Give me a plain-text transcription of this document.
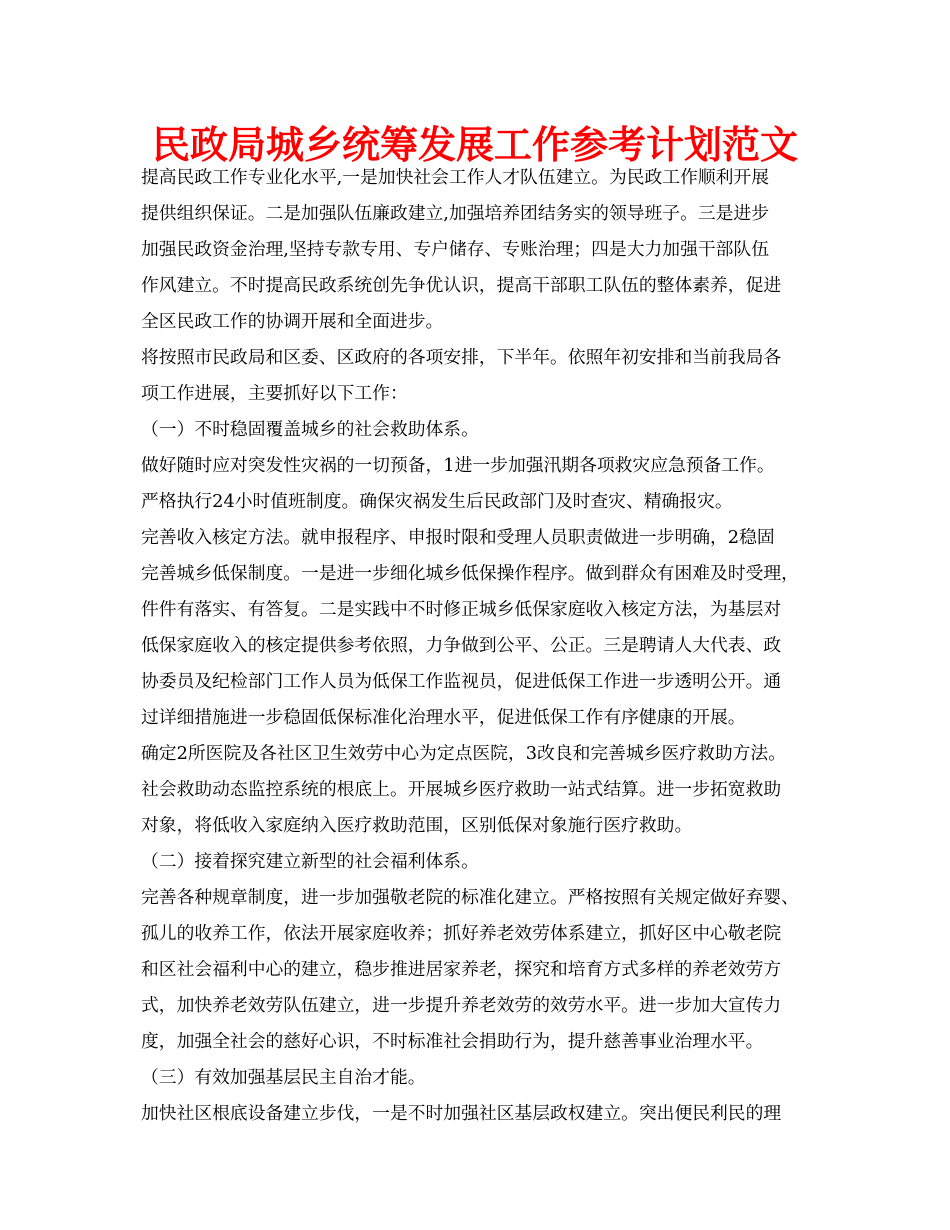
民政局城乡统筹发展工作参考计划范文
提高民政工作专业化水平,一是加快社会工作人才队伍建立。为民政工作顺利开展
提供组织保证。二是加强队伍廉政建立,加强培养团结务实的领导班子。三是进步
加强民政资金治理,坚持专款专用、专户储存、专账治理；四是大力加强干部队伍
作风建立。不时提高民政系统创先争优认识，提高干部职工队伍的整体素养，促进
全区民政工作的协调开展和全面进步。
将按照市民政局和区委、区政府的各项安排，下半年。依照年初安排和当前我局各
项工作进展，主要抓好以下工作：
（一）不时稳固覆盖城乡的社会救助体系。
做好随时应对突发性灾祸的一切预备，1进一步加强汛期各项救灾应急预备工作。
严格执行24小时值班制度。确保灾祸发生后民政部门及时查灾、精确报灾。
完善收入核定方法。就申报程序、申报时限和受理人员职责做进一步明确，2稳固
完善城乡低保制度。一是进一步细化城乡低保操作程序。做到群众有困难及时受理，
件件有落实、有答复。二是实践中不时修正城乡低保家庭收入核定方法，为基层对
低保家庭收入的核定提供参考依照，力争做到公平、公正。三是聘请人大代表、政
协委员及纪检部门工作人员为低保工作监视员，促进低保工作进一步透明公开。通
过详细措施进一步稳固低保标准化治理水平，促进低保工作有序健康的开展。
确定2所医院及各社区卫生效劳中心为定点医院，3改良和完善城乡医疗救助方法。
社会救助动态监控系统的根底上。开展城乡医疗救助一站式结算。进一步拓宽救助
对象，将低收入家庭纳入医疗救助范围，区别低保对象施行医疗救助。
（二）接着探究建立新型的社会福利体系。
完善各种规章制度，进一步加强敬老院的标准化建立。严格按照有关规定做好弃婴、
孤儿的收养工作，依法开展家庭收养；抓好养老效劳体系建立，抓好区中心敬老院
和区社会福利中心的建立，稳步推进居家养老，探究和培育方式多样的养老效劳方
式，加快养老效劳队伍建立，进一步提升养老效劳的效劳水平。进一步加大宣传力
度，加强全社会的慈好心识，不时标准社会捐助行为，提升慈善事业治理水平。
（三）有效加强基层民主自治才能。
加快社区根底设备建立步伐，一是不时加强社区基层政权建立。突出便民利民的理
